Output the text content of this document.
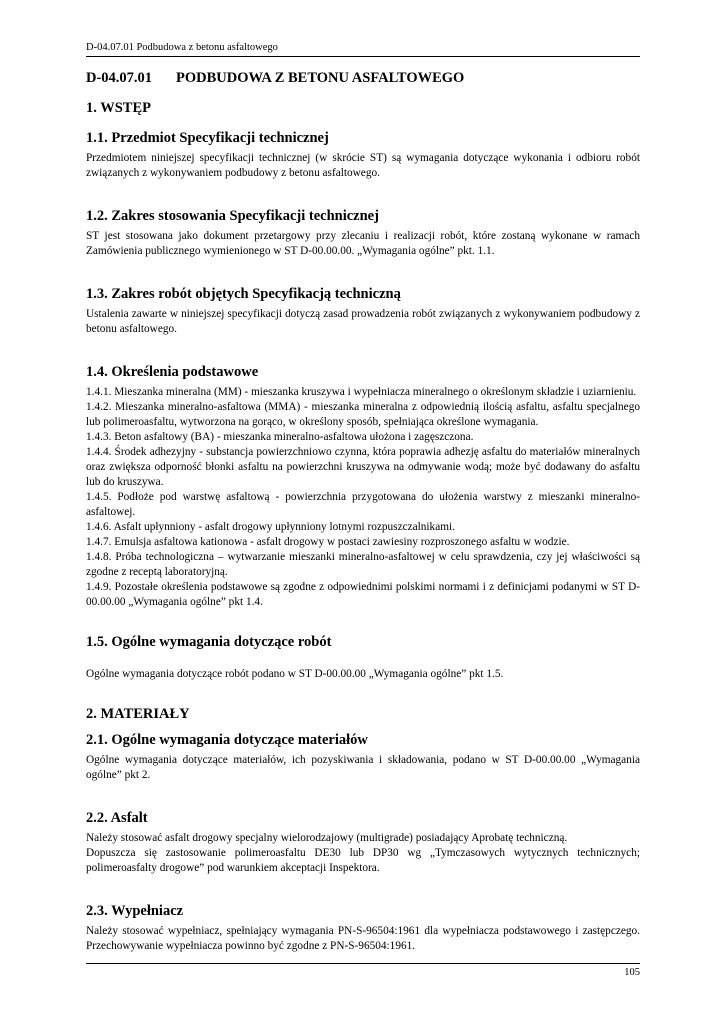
D-04.07.01 Podbudowa z betonu asfaltowego
D-04.07.01 PODBUDOWA Z BETONU ASFALTOWEGO
1. WSTĘP
1.1. Przedmiot Specyfikacji technicznej

Przedmiotem niniejszej specyfikacji technicznej (w skrócie ST) są wymagania dotyczące wykonania i odbioru robót związanych z wykonywaniem podbudowy z betonu asfaltowego.

1.2. Zakres stosowania Specyfikacji technicznej

ST jest stosowana jako dokument przetargowy przy zlecaniu i realizacji robót, które zostaną wykonane w ramach Zamówienia publicznego wymienionego w ST D-00.00.00. „Wymagania ogólne” pkt. 1.1.

1.3. Zakres robót objętych Specyfikacją techniczną

Ustalenia zawarte w niniejszej specyfikacji dotyczą zasad prowadzenia robót związanych z wykonywaniem podbudowy z betonu asfaltowego.

1.4. Określenia podstawowe

1.4.1. Mieszanka mineralna (MM) - mieszanka kruszywa i wypełniacza mineralnego o określonym składzie i uziarnieniu.

1.4.2. Mieszanka mineralno-asfaltowa (MMA) - mieszanka mineralna z odpowiednią ilością asfaltu, asfaltu specjalnego lub polimeroasfaltu, wytworzona na gorąco, w określony sposób, spełniająca określone wymagania.

1.4.3. Beton asfaltowy (BA) - mieszanka mineralno-asfaltowa ułożona i zagęszczona.

1.4.4. Środek adhezyjny - substancja powierzchniowo czynna, która poprawia adhezję asfaltu do materiałów mineralnych oraz zwiększa odporność błonki asfaltu na powierzchni kruszywa na odmywanie wodą; może być dodawany do asfaltu lub do kruszywa.

1.4.5. Podłoże pod warstwę asfaltową - powierzchnia przygotowana do ułożenia warstwy z mieszanki mineralno-asfaltowej.

1.4.6. Asfalt upłynniony - asfalt drogowy upłynniony lotnymi rozpuszczalnikami.

1.4.7. Emulsja asfaltowa kationowa - asfalt drogowy w postaci zawiesiny rozproszonego asfaltu w wodzie.

1.4.8. Próba technologiczna – wytwarzanie mieszanki mineralno-asfaltowej w celu sprawdzenia, czy jej właściwości są zgodne z receptą laboratoryjną.

1.4.9. Pozostałe określenia podstawowe są zgodne z odpowiednimi polskimi normami i z definicjami podanymi w ST D-00.00.00 „Wymagania ogólne” pkt 1.4.

1.5. Ogólne wymagania dotyczące robót

Ogólne wymagania dotyczące robót podano w ST D-00.00.00 „Wymagania ogólne” pkt 1.5.

2. MATERIAŁY
2.1. Ogólne wymagania dotyczące materiałów

Ogólne wymagania dotyczące materiałów, ich pozyskiwania i składowania, podano w ST D-00.00.00 „Wymagania ogólne” pkt 2.

2.2. Asfalt

Należy stosować asfalt drogowy specjalny wielorodzajowy (multigrade) posiadający Aprobatę techniczną.

Dopuszcza się zastosowanie polimeroasfaltu DE30 lub DP30 wg „Tymczasowych wytycznych technicznych; polimeroasfalty drogowe” pod warunkiem akceptacji Inspektora.

2.3. Wypełniacz

Należy stosować wypełniacz, spełniający wymagania PN-S-96504:1961 dla wypełniacza podstawowego i zastępczego. Przechowywanie wypełniacza powinno być zgodne z PN-S-96504:1961.

105
